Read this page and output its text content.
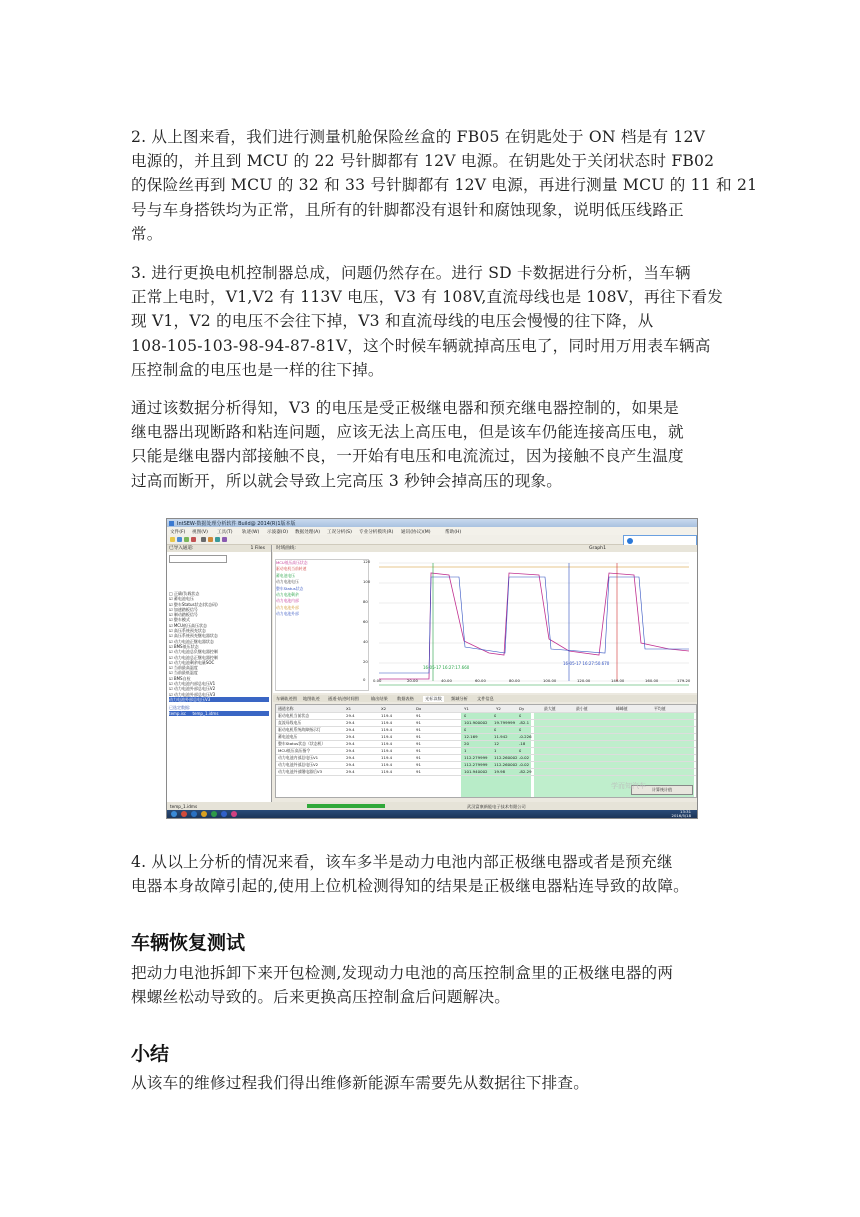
2. 从上图来看，我们进行测量机舱保险丝盒的 FB05 在钥匙处于 ON 档是有 12V
电源的，并且到 MCU 的 22 号针脚都有 12V 电源。在钥匙处于关闭状态时 FB02
的保险丝再到 MCU 的 32 和 33 号针脚都有 12V 电源，再进行测量 MCU 的 11 和 21
号与车身搭铁均为正常，且所有的针脚都没有退针和腐蚀现象，说明低压线路正
常。

3. 进行更换电机控制器总成，问题仍然存在。进行 SD 卡数据进行分析，当车辆
正常上电时，V1,V2 有 113V 电压，V3 有 108V,直流母线也是 108V，再往下看发
现 V1，V2 的电压不会往下掉，V3 和直流母线的电压会慢慢的往下降，从
108-105-103-98-94-87-81V，这个时候车辆就掉高压电了，同时用万用表车辆高
压控制盒的电压也是一样的往下掉。

通过该数据分析得知，V3 的电压是受正极继电器和预充继电器控制的，如果是
继电器出现断路和粘连问题，应该无法上高压电，但是该车仍能连接高压电，就
只能是继电器内部接触不良，一开始有电压和电流流过，因为接触不良产生温度
过高而断开，所以就会导致上完高压 3 秒钟会掉高压的现象。

IntSEW-数据处理分析软件 Build@ 2014(R)1版本版
文件(F) 视图(V) 工具(T) 轨迹(W) 示波器(O) 数据处理(A) 工况分析(S) 专业分析模块(R) 通讯(协议)(M)	帮助(H)
已导入通道:	1 Files
□ 正确/负载状态
☑ 蓄电池电压
☑ 整车Status状态(状态码)
☑ 加速踏板信号
☑ 制动踏板信号
☑ 整车模式
☑ MCU低压高压状态
☑ 高压系统预充状态
☑ 高压系统预充继电器状态
☑ 动力电池正继电器状态
☑ BMS低压状态
☑ 动力电池总负继电器控制
☑ 动力电池总正继电器控制
☑ 动力电池剩余电量SOC
☑ 当前最高温度
☑ 当前最低温度
☑ BMS自检
☑ 动力电池内部总电压V1
☑ 动力电池外部总电压V2
☑ 动力电池外部总电压V3
动力电池外部总电压V3
已选定数据:
temp.isc     temp_1.idms
时域曲线:	Graph1
MCU低压高压状态
驱动电机当前转速
蓄电池电压
动力电池电压
整车Status状态
动力电池剩余
动力电池内部
动力电池外部
动力电池外部
16-05-17 16:27:17.660
16-05-17 16:27:50.670
0.00	20.00	40.00	60.00	80.00	100.00	120.00	140.00	160.00	179.20
120
100
80
60
40
20
0
车辆轨迹图 地图轨迹 通道-轨迹时间图	输出结果 数据表格	光标读数	频域分析 文件信息
通道名称	X1	X2	Dx	Y1	Y2	Dy	最大值	最小值	峰峰值	平均值
驱动电机当前状态	29.4	119.4	91	0	0	0
直流母线电压	29.4	119.4	91	101.900002 19.799999 -82.1
驱动电机系统故障指示灯	29.4	119.4	91	0	0	0
蓄电池电压	29.4	119.4	91	12.169	11.942	-0.226
整车Status状态（状态机）	29.4	119.4	91	20	12	-18
MCU低压高压指令	29.4	119.4	91	1	1	0
动力电池内部总电压V1	29.4	119.4	91	112.279999 112.260002 -0.02
动力电池外部总电压V2	29.4	119.4	91	112.279999 112.260002 -0.02
动力电池外部继电器后V3	29.4	119.4	91	101.940002 19.98	-82.29
计算统计值
temp_1.idms	武汉富康新能电子技术有限公司
13:31
2016/5/18
学而知汽车

4. 从以上分析的情况来看，该车多半是动力电池内部正极继电器或者是预充继
电器本身故障引起的,使用上位机检测得知的结果是正极继电器粘连导致的故障。

车辆恢复测试

把动力电池拆卸下来开包检测,发现动力电池的高压控制盒里的正极继电器的两
棵螺丝松动导致的。后来更换高压控制盒后问题解决。

小结

从该车的维修过程我们得出维修新能源车需要先从数据往下排查。
